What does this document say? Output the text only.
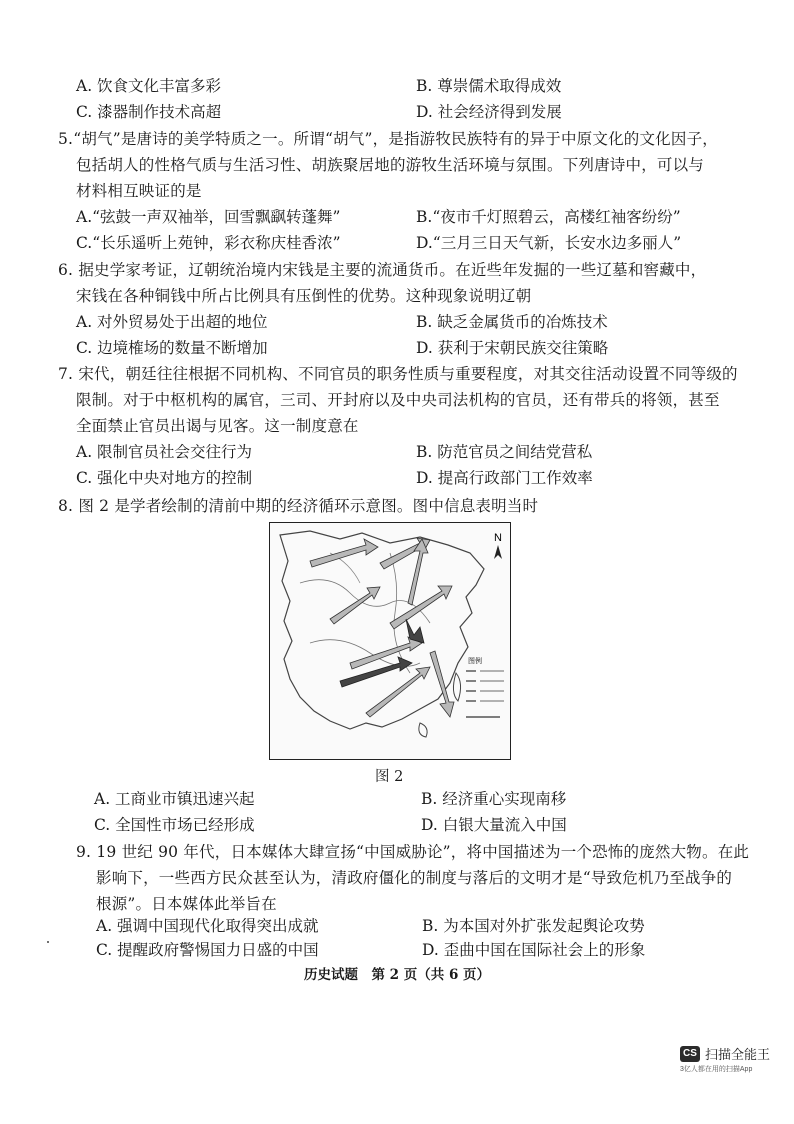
A. 饮食文化丰富多彩	B. 尊崇儒术取得成效
C. 漆器制作技术高超	D. 社会经济得到发展
5.“胡气”是唐诗的美学特质之一。所谓“胡气”，是指游牧民族特有的异于中原文化的文化因子，
包括胡人的性格气质与生活习性、胡族聚居地的游牧生活环境与氛围。下列唐诗中，可以与
材料相互映证的是
A.“弦鼓一声双袖举，回雪飘飖转蓬舞”	B.“夜市千灯照碧云，高楼红袖客纷纷”
C.“长乐遥听上苑钟，彩衣称庆桂香浓”	D.“三月三日天气新，长安水边多丽人”
6. 据史学家考证，辽朝统治境内宋钱是主要的流通货币。在近些年发掘的一些辽墓和窖藏中，
宋钱在各种铜钱中所占比例具有压倒性的优势。这种现象说明辽朝
A. 对外贸易处于出超的地位	B. 缺乏金属货币的冶炼技术
C. 边境榷场的数量不断增加	D. 获利于宋朝民族交往策略
7. 宋代，朝廷往往根据不同机构、不同官员的职务性质与重要程度，对其交往活动设置不同等级的
限制。对于中枢机构的属官，三司、开封府以及中央司法机构的官员，还有带兵的将领，甚至
全面禁止官员出谒与见客。这一制度意在
A. 限制官员社会交往行为	B. 防范官员之间结党营私
C. 强化中央对地方的控制	D. 提高行政部门工作效率
8. 图 2 是学者绘制的清前中期的经济循环示意图。图中信息表明当时
N
图例
图 2
A. 工商业市镇迅速兴起	B. 经济重心实现南移
C. 全国性市场已经形成	D. 白银大量流入中国
9. 19 世纪 90 年代，日本媒体大肆宣扬“中国威胁论”，将中国描述为一个恐怖的庞然大物。在此
影响下，一些西方民众甚至认为，清政府僵化的制度与落后的文明才是“导致危机乃至战争的
根源”。日本媒体此举旨在
A. 强调中国现代化取得突出成就	B. 为本国对外扩张发起舆论攻势
C. 提醒政府警惕国力日盛的中国	D. 歪曲中国在国际社会上的形象
历史试题　第 2 页（共 6 页）
CS 扫描全能王
3亿人都在用的扫描App
